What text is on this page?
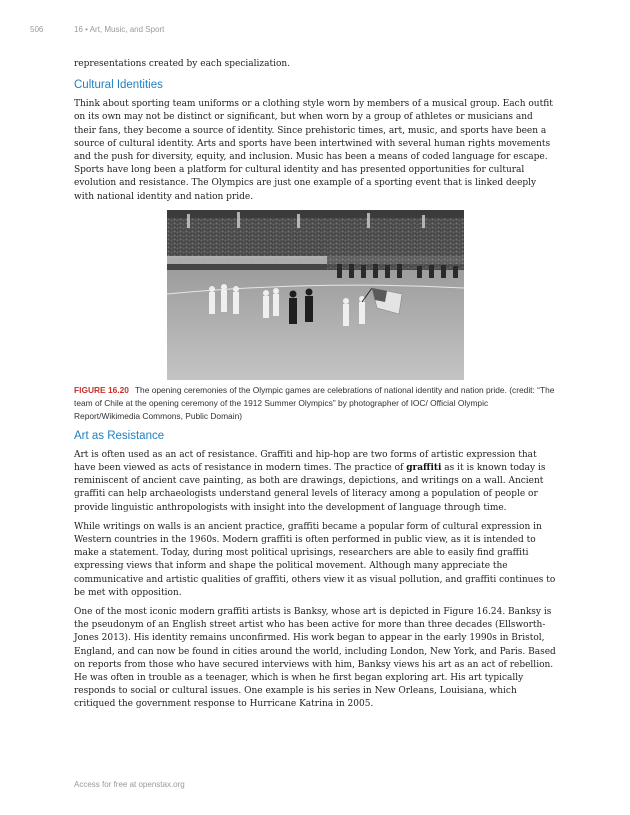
506	16 • Art, Music, and Sport

representations created by each specialization.

Cultural Identities

Think about sporting team uniforms or a clothing style worn by members of a musical group. Each outfit on its own may not be distinct or significant, but when worn by a group of athletes or musicians and their fans, they become a source of identity. Since prehistoric times, art, music, and sports have been a source of cultural identity. Arts and sports have been intertwined with several human rights movements and the push for diversity, equity, and inclusion. Music has been a means of coded language for escape. Sports have long been a platform for cultural identity and has presented opportunities for cultural evolution and resistance. The Olympics are just one example of a sporting event that is linked deeply with national identity and nation pride.

FIGURE 16.20 The opening ceremonies of the Olympic games are celebrations of national identity and nation pride. (credit: “The team of Chile at the opening ceremony of the 1912 Summer Olympics” by photographer of IOC/ Official Olympic Report/Wikimedia Commons, Public Domain)

Art as Resistance

Art is often used as an act of resistance. Graffiti and hip-hop are two forms of artistic expression that have been viewed as acts of resistance in modern times. The practice of graffiti as it is known today is reminiscent of ancient cave painting, as both are drawings, depictions, and writings on a wall. Ancient graffiti can help archaeologists understand general levels of literacy among a population of people or provide linguistic anthropologists with insight into the development of language through time.

While writings on walls is an ancient practice, graffiti became a popular form of cultural expression in Western countries in the 1960s. Modern graffiti is often performed in public view, as it is intended to make a statement. Today, during most political uprisings, researchers are able to easily find graffiti expressing views that inform and shape the political movement. Although many appreciate the communicative and artistic qualities of graffiti, others view it as visual pollution, and graffiti continues to be met with opposition.

One of the most iconic modern graffiti artists is Banksy, whose art is depicted in Figure 16.24. Banksy is the pseudonym of an English street artist who has been active for more than three decades (Ellsworth-Jones 2013). His identity remains unconfirmed. His work began to appear in the early 1990s in Bristol, England, and can now be found in cities around the world, including London, New York, and Paris. Based on reports from those who have secured interviews with him, Banksy views his art as an act of rebellion. He was often in trouble as a teenager, which is when he first began exploring art. His art typically responds to social or cultural issues. One example is his series in New Orleans, Louisiana, which critiqued the government response to Hurricane Katrina in 2005.

Access for free at openstax.org
